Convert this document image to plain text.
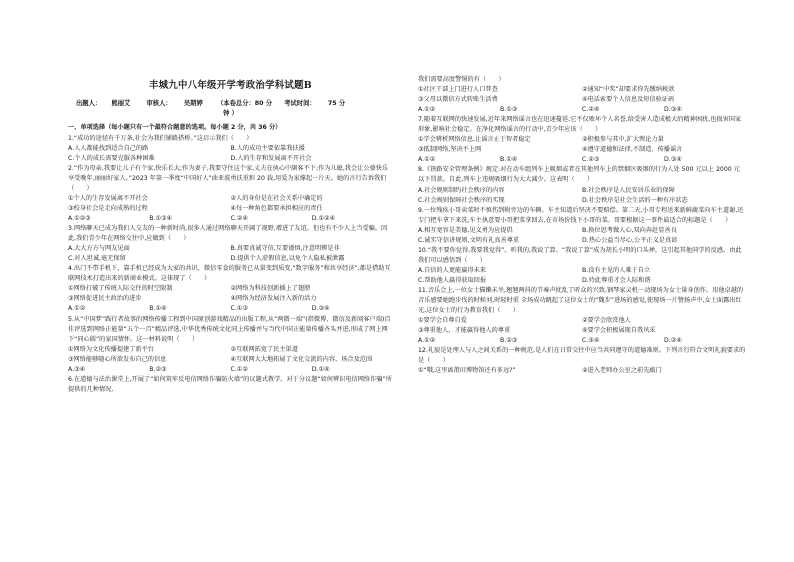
丰城九中八年级开学考政治学科试题B

出题人： 熊丽艾	审核人： 吴期婷 （本卷总分：80 分 考试时间： 75 分

钟 ）

一、单项选择（每小题只有一个最符合题意的选项。每小题 2 分，共 36 分）

1.“成功的途径有千万条,社会为我们铺路搭桥。”这启示我们（　　）

A.人人都能找到适合自己的路	B.人的成功主要依靠我扶援
C.个人的成长需要克服各种困难	D.人的生存和发展离不开社会

2.“作为母亲,我要让儿子有个家,快乐长大;作为妻子,我要守住这个家,丈夫在执心中副客不下;作为儿媳,我会让公婆快乐享受晚年,丽丽好家人。”2023 年第一季度“中国好人”曲亚波勇扶重担 20 载,用爱为家撑起一片天。她的言行告诉我们（　　）

①个人的生存发展离不开社会	②人的身份是在社会关系中确定的
③校身社会是走向成熟的过程	④每一种角色都要承担相应的责任
A.①②③	B.①③④	C.②④	D.①②④

3.网络聊天已成为我们人交友的一种新时尚,很多人通过网络聊天开阔了视野,增进了友谊。但也有不少人上当受骗。因此,我们青少年在网络交往中,应做到（　　）

A.大大方方与网友见面	B.真要真诚守信,互要谨慎,注意明辨是非
C.对人坦诚,毫无保留	D.提供个人虚假信息,以免个人隐私被泄露

4.出门不带手机下，靠手机已经成为大家的共识，微信零食的服务已从量变到质变,“数字服务”和共享经济”,都是借助互联网技术打造出来的新商业模式。这体现了（　　）

①网络打破了传统人际交往的时空限制	②网络为科技创新插上了翅膀
③网络促进民主政治的进步	④网络为经济发展注入新的活力
A.①②	B.①④	C.①③	D.③④

5.从“中国梦”践行者故事的网络传播工程到中国原创游戏精品的出版工程,从“两微一端”(指微博、微信及新闻客户端)百佳评选到网络正能量“五个一百”精品评选,中华优秀传统文化同上传播并与当代中国正能量传播齐头并进,形成了网上网下“同心圆”的家国情怀。这一材料说明（　　）

①网络为文化传播提建了新平台	②互联网拓宽了民主渠道
③网络能够随心所欲发布自己的信息	④互联网大大地拓展了文化交流的内容、场合及范围
A.③④	B.②③	C.①②	D.①④

6.在道德与法治课堂上,开展了“如何筑牢反电信网络诈骗防火墙”的议题式教学。对于分议题“如何辨识电信网络诈骗”所提供的几种情况,

我们需要高度警惕的有（　　）

①社区干部上门进行人口普查	②通知“中奖”却要求你先缴纳税款
③父母以微信方式转账生活费	④电话索要个人信息及短信验证码
A.①②	B.①③	C.②④	D.③④

7.随着互联网的快速发展,近年来网络谣言也在迅速蔓延,它不仅败坏个人名誉,给受害人造成极大的精神困扰,也损害国家形象,影响社会稳定。在净化网络谣言的行动中,青少年应该（　　）

①学会辨析网络信息,让谣言止于智者稳定	②积极参与其中,扩大舆论力量
③抵制网络,坚决不上网	④遵守道德和法律,不制造、传播谣言
A.①②	B.①④	C.②③	D.③④

8.《铁路安全管理条例》规定:对在动车组列车上吸烟或者在其他列车上的禁烟区吸烟的行为人处 500 元以上 2000 元以下罚款。自此,列车上违规吸烟行为大大减少。这表明（　　）

A.社会规则制约社会秩序的内容	B.社会秩序是人民安居乐业的保障
C.社会规则保障社会秩序的实现	D.社会秩序是社会生活的一种有序状态

9.一位残疾小哥卖菜时不慎伤到附旁边的车辆。车主知道后坚决不要赔偿。第二天,小哥专程送来新鲜蔬菜向车主道谢,还专门把车拿下来洗,车主执意要小哥把菜拿回去,在市场价钱下小哥的菜。哥要根据这一事件最适合的标题是（　　）

A.相互宽容是美德,见义勇为应提倡	B.换位思考做人心,双向奔赴显善良
C.诚实守信讲规则,文明有礼真善尊重	D.热心公益当尽心,公平正义是真谛

10.“我不要你觉得,我要我觉得”。听我的,我说了算。“我说了算”成为胡长小明的口头禅，这引起其他同学的反感。由此我们可以感悟到（　　）

A.自信的人更能赢得未来	B.没有主见的人难于自立
C.帮助他人赢得获取回报	D.待此尊重才会人际和谐

11.音乐会上,一位女士猫懒未坐,翘翘两抖的节奏声扰乱了听众的兴致,钢琴家灵机一动现场为女士量身创作。用他卓越的音乐感要她跑步伐的时候刘,时轻时重 全场成功跳起了这位女士的“魏步”进场的感觉,使现场一片赞扬声中,女士面露出红光,这位女士的行为教育我们（　　）

①要学会自尊自爱	②要学会欣赏他人
③尊重他人，才能赢得他人的尊重	④要学会积极展现自我风采
A.①②	B.②③	C.③④	D.②④

12.礼貌是处理人与人之间关系的一种规范,是人们在日常交往中应当共同遵守的道德准则。下列言行符合文明礼貌要求的是（　　）

①“哦,这里离莆田博物馆还有多远?”	②进入老师办公室之前先敲门
